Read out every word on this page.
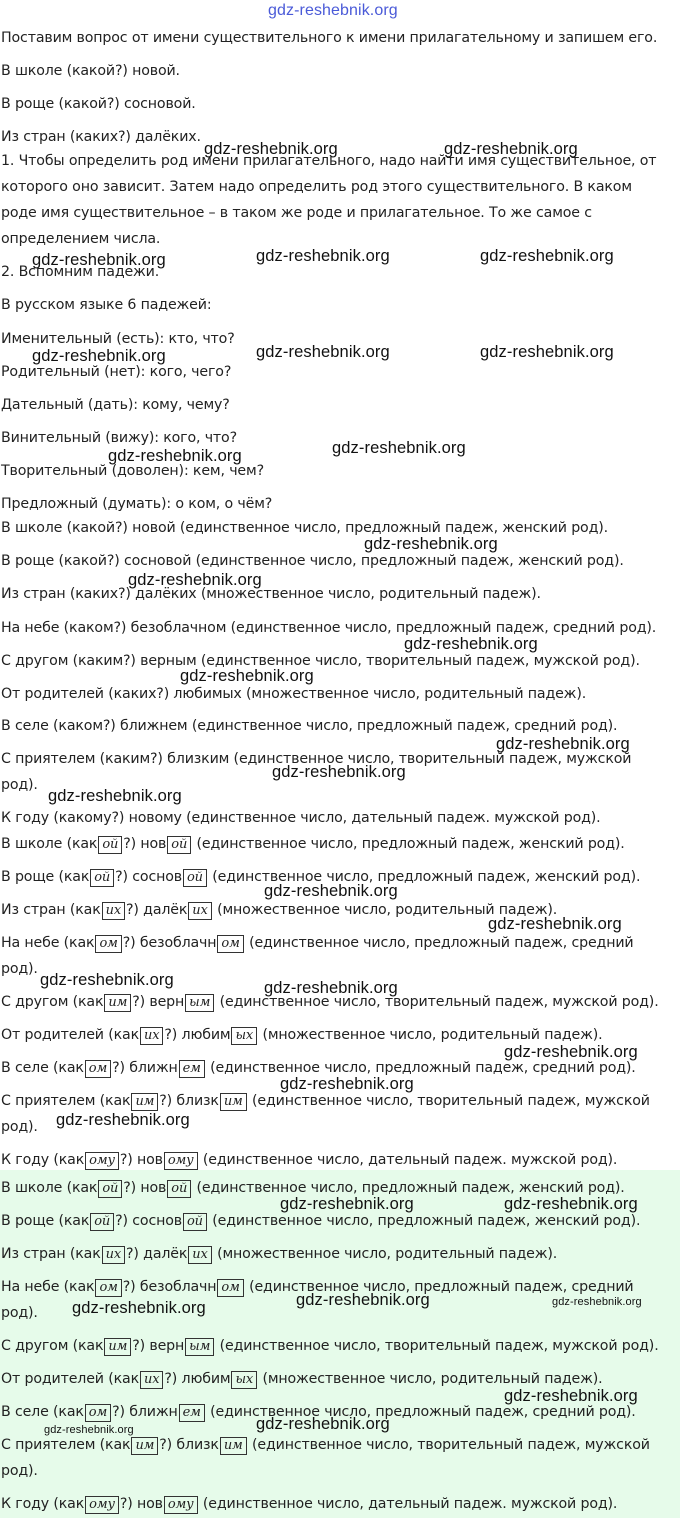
gdz-reshebnik.org
Поставим вопрос от имени существительного к имени прилагательному и запишем его.
В школе (какой?) новой.
В роще (какой?) сосновой.
Из стран (каких?) далёких.
1. Чтобы определить род имени прилагательного, надо найти имя существительное, от
которого оно зависит. Затем надо определить род этого существительного. В каком
роде имя существительное – в таком же роде и прилагательное. То же самое с
определением числа.
2. Вспомним падежи.
В русском языке 6 падежей:
Именительный (есть): кто, что?
Родительный (нет): кого, чего?
Дательный (дать): кому, чему?
Винительный (вижу): кого, что?
Творительный (доволен): кем, чем?
Предложный (думать): о ком, о чём?
В школе (какой?) новой (единственное число, предложный падеж, женский род).
В роще (какой?) сосновой (единственное число, предложный падеж, женский род).
Из стран (каких?) далёких (множественное число, родительный падеж).
На небе (каком?) безоблачном (единственное число, предложный падеж, средний род).
С другом (каким?) верным (единственное число, творительный падеж, мужской род).
От родителей (каких?) любимых (множественное число, родительный падеж).
В селе (каком?) ближнем (единственное число, предложный падеж, средний род).
С приятелем (каким?) близким (единственное число, творительный падеж, мужской
род).
К году (какому?) новому (единственное число, дательный падеж. мужской род).
В школе (как ой ?) нов ой (единственное число, предложный падеж, женский род).
В роще (как ой ?) соснов ой (единственное число, предложный падеж, женский род).
Из стран (как их ?) далёк их (множественное число, родительный падеж).
На небе (как ом ?) безоблачн ом (единственное число, предложный падеж, средний
род).
С другом (как им ?) верн ым (единственное число, творительный падеж, мужской род).
От родителей (как их ?) любим ых (множественное число, родительный падеж).
В селе (как ом ?) ближн ем (единственное число, предложный падеж, средний род).
С приятелем (как им ?) близк им (единственное число, творительный падеж, мужской
род).
К году (как ому ?) нов ому (единственное число, дательный падеж. мужской род).
В школе (как ой ?) нов ой (единственное число, предложный падеж, женский род).
В роще (как ой ?) соснов ой (единственное число, предложный падеж, женский род).
Из стран (как их ?) далёк их (множественное число, родительный падеж).
На небе (как ом ?) безоблачн ом (единственное число, предложный падеж, средний
род).
С другом (как им ?) верн ым (единственное число, творительный падеж, мужской род).
От родителей (как их ?) любим ых (множественное число, родительный падеж).
В селе (как ом ?) ближн ем (единственное число, предложный падеж, средний род).
С приятелем (как им ?) близк им (единственное число, творительный падеж, мужской
род).
К году (как ому ?) нов ому (единственное число, дательный падеж. мужской род).
gdz-reshebnik.org	gdz-reshebnik.org
gdz-reshebnik.org	gdz-reshebnik.org	gdz-reshebnik.org
gdz-reshebnik.org	gdz-reshebnik.org	gdz-reshebnik.org
gdz-reshebnik.org
gdz-reshebnik.org
gdz-reshebnik.org
gdz-reshebnik.org
gdz-reshebnik.org
gdz-reshebnik.org
gdz-reshebnik.org
gdz-reshebnik.org
gdz-reshebnik.org
gdz-reshebnik.org
gdz-reshebnik.org
gdz-reshebnik.org	gdz-reshebnik.org
gdz-reshebnik.org
gdz-reshebnik.org
gdz-reshebnik.org
gdz-reshebnik.org	gdz-reshebnik.org
gdz-reshebnik.org
gdz-reshebnik.org	gdz-reshebnik.org
gdz-reshebnik.org
gdz-reshebnik.org
gdz-reshebnik.org
